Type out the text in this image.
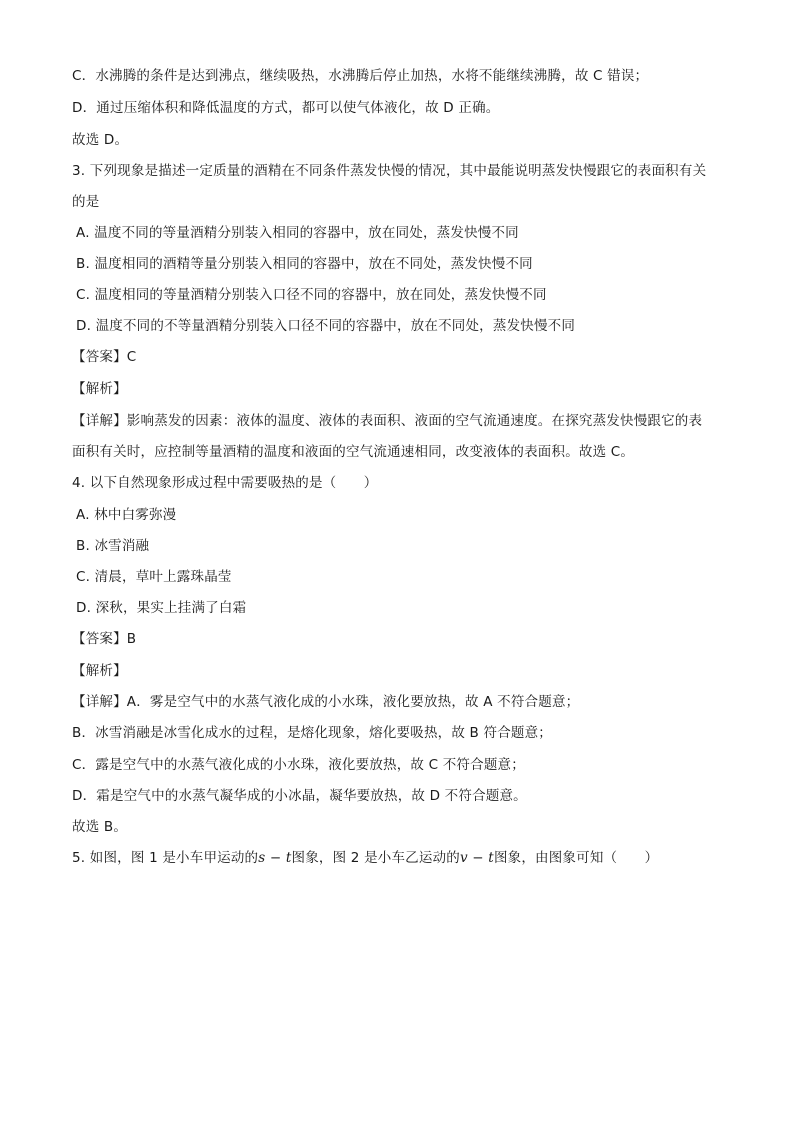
C．水沸腾的条件是达到沸点，继续吸热，水沸腾后停止加热，水将不能继续沸腾，故 C 错误；
D．通过压缩体积和降低温度的方式，都可以使气体液化，故 D 正确。
故选 D。
3. 下列现象是描述一定质量的酒精在不同条件蒸发快慢的情况，其中最能说明蒸发快慢跟它的表面积有关
的是
A. 温度不同的等量酒精分别装入相同的容器中，放在同处，蒸发快慢不同
B. 温度相同的酒精等量分别装入相同的容器中，放在不同处，蒸发快慢不同
C. 温度相同的等量酒精分别装入口径不同的容器中，放在同处，蒸发快慢不同
D. 温度不同的不等量酒精分别装入口径不同的容器中，放在不同处，蒸发快慢不同
【答案】C
【解析】
【详解】影响蒸发的因素：液体的温度、液体的表面积、液面的空气流通速度。在探究蒸发快慢跟它的表
面积有关时，应控制等量酒精的温度和液面的空气流通速相同，改变液体的表面积。故选 C。
4. 以下自然现象形成过程中需要吸热的是（　　）
A. 林中白雾弥漫
B. 冰雪消融
C. 清晨，草叶上露珠晶莹
D. 深秋，果实上挂满了白霜
【答案】B
【解析】
【详解】A．雾是空气中的水蒸气液化成的小水珠，液化要放热，故 A 不符合题意；
B．冰雪消融是冰雪化成水的过程，是熔化现象，熔化要吸热，故 B 符合题意；
C．露是空气中的水蒸气液化成的小水珠，液化要放热，故 C 不符合题意；
D．霜是空气中的水蒸气凝华成的小冰晶，凝华要放热，故 D 不符合题意。
故选 B。
5. 如图，图 1 是小车甲运动的s − t图象，图 2 是小车乙运动的v − t图象，由图象可知（　　）
